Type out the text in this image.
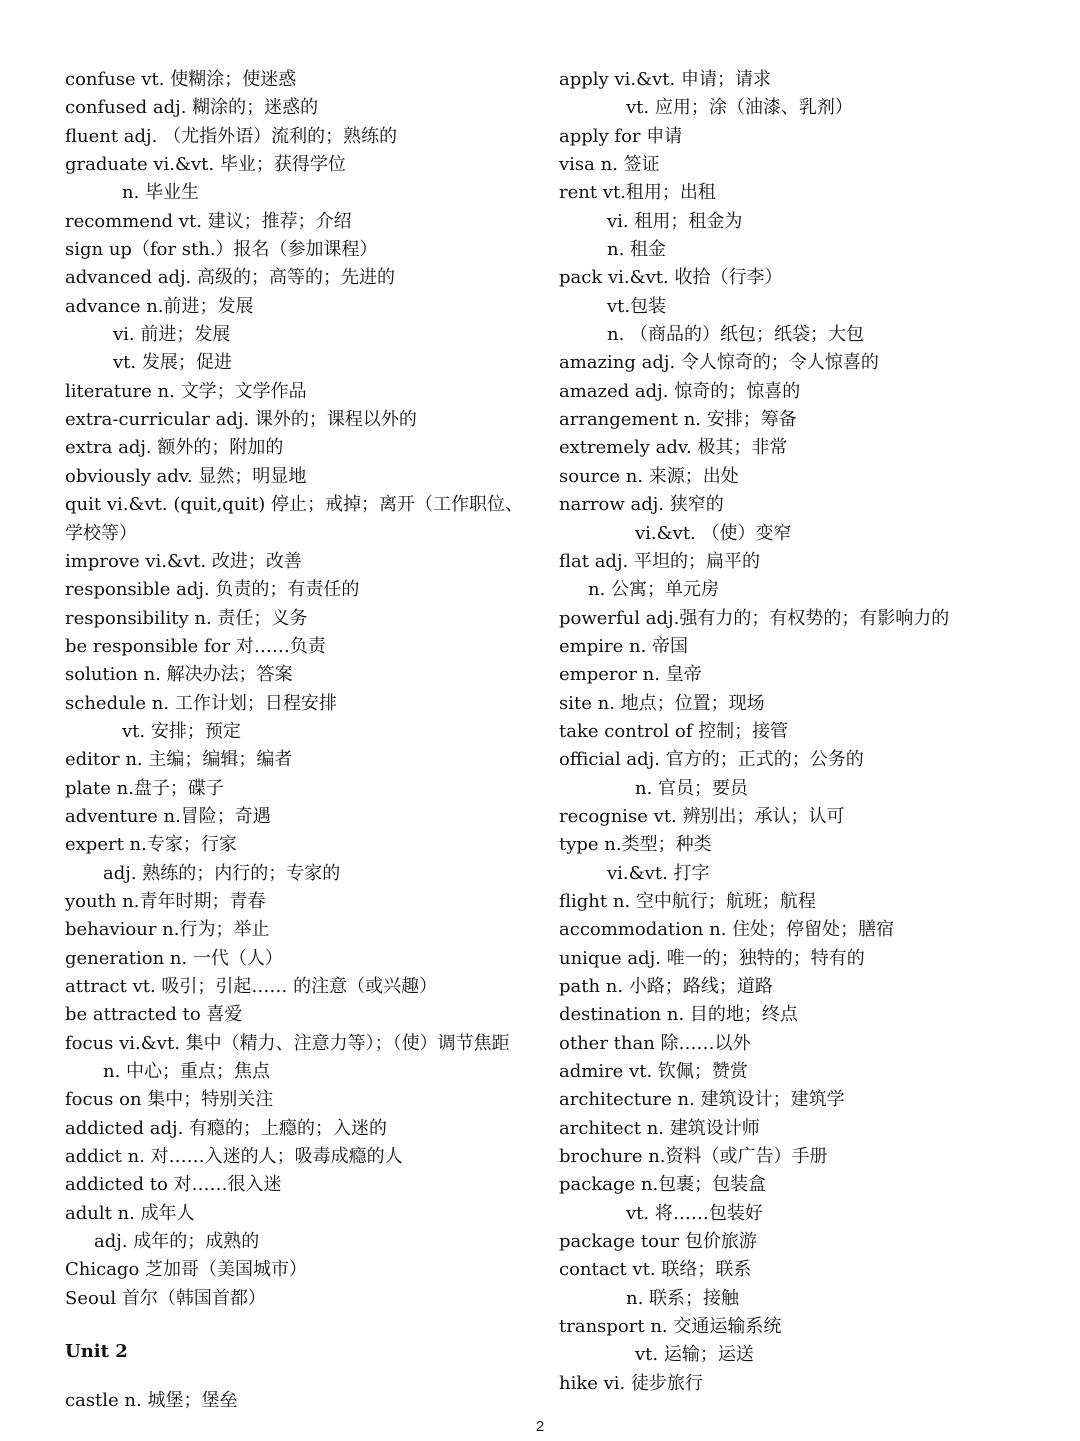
confuse vt. 使糊涂；使迷惑
confused adj. 糊涂的；迷惑的
fluent adj. （尤指外语）流利的；熟练的
graduate vi.&vt. 毕业；获得学位
n. 毕业生
recommend vt. 建议；推荐；介绍
sign up（for sth.）报名（参加课程）
advanced adj. 高级的；高等的；先进的
advance n.前进；发展
vi. 前进；发展
vt. 发展；促进
literature n. 文学；文学作品
extra-curricular adj. 课外的；课程以外的
extra adj. 额外的；附加的
obviously adv. 显然；明显地
quit vi.&vt. (quit,quit) 停止；戒掉；离开（工作职位、
学校等）
improve vi.&vt. 改进；改善
responsible adj. 负责的；有责任的
responsibility n. 责任；义务
be responsible for 对……负责
solution n. 解决办法；答案
schedule n. 工作计划；日程安排
vt. 安排；预定
editor n. 主编；编辑；编者
plate n.盘子；碟子
adventure n.冒险；奇遇
expert n.专家；行家
adj. 熟练的；内行的；专家的
youth n.青年时期；青春
behaviour n.行为；举止
generation n. 一代（人）
attract vt. 吸引；引起…… 的注意（或兴趣）
be attracted to 喜爱
focus vi.&vt. 集中（精力、注意力等）；（使）调节焦距
n. 中心；重点；焦点
focus on 集中；特别关注
addicted adj. 有瘾的；上瘾的；入迷的
addict n. 对……入迷的人；吸毒成瘾的人
addicted to 对……很入迷
adult n. 成年人
adj. 成年的；成熟的
Chicago 芝加哥（美国城市）
Seoul 首尔（韩国首都）
Unit 2
castle n. 城堡；堡垒
apply vi.&vt. 申请；请求
vt. 应用；涂（油漆、乳剂）
apply for 申请
visa n. 签证
rent vt.租用；出租
vi. 租用；租金为
n. 租金
pack vi.&vt. 收拾（行李）
vt.包装
n. （商品的）纸包；纸袋；大包
amazing adj. 令人惊奇的；令人惊喜的
amazed adj. 惊奇的；惊喜的
arrangement n. 安排；筹备
extremely adv. 极其；非常
source n. 来源；出处
narrow adj. 狭窄的
vi.&vt. （使）变窄
flat adj. 平坦的；扁平的
n. 公寓；单元房
powerful adj.强有力的；有权势的；有影响力的
empire n. 帝国
emperor n. 皇帝
site n. 地点；位置；现场
take control of 控制；接管
official adj. 官方的；正式的；公务的
n. 官员；要员
recognise vt. 辨别出；承认；认可
type n.类型；种类
vi.&vt. 打字
flight n. 空中航行；航班；航程
accommodation n. 住处；停留处；膳宿
unique adj. 唯一的；独特的；特有的
path n. 小路；路线；道路
destination n. 目的地；终点
other than 除……以外
admire vt. 钦佩；赞赏
architecture n. 建筑设计；建筑学
architect n. 建筑设计师
brochure n.资料（或广告）手册
package n.包裹；包装盒
vt. 将……包装好
package tour 包价旅游
contact vt. 联络；联系
n. 联系；接触
transport n. 交通运输系统
vt. 运输；运送
hike vi. 徒步旅行
2
